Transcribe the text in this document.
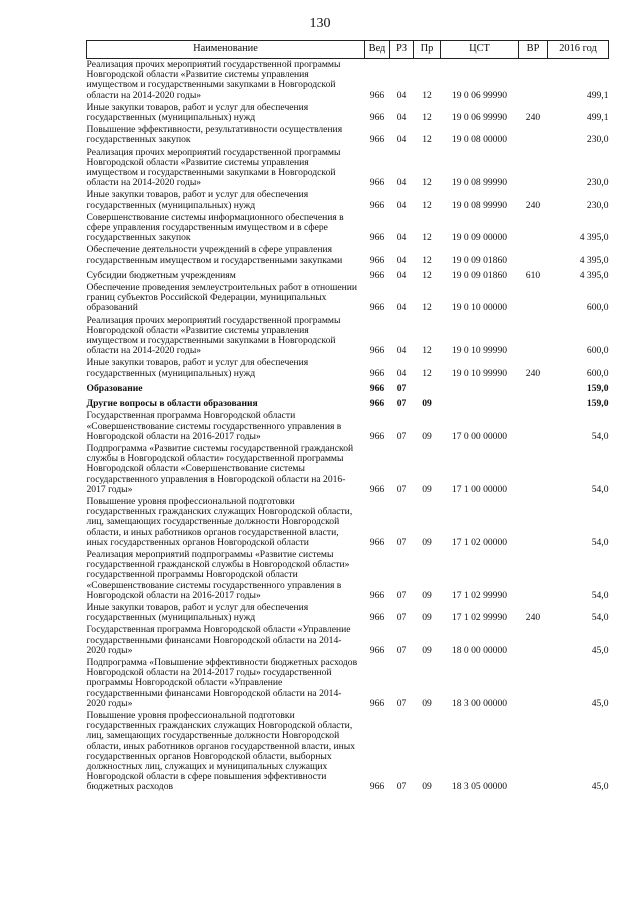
130
Наименование	Вед	РЗ	Пр	ЦСТ	ВР	2016 год
Реализация прочих мероприятий государственной программы Новгородской области «Развитие системы управления имуществом и государственными закупками в Новгородской области на 2014-2020 годы»	966	04	12	19 0 06 99990		499,1
Иные закупки товаров, работ и услуг для обеспечения государственных (муниципальных) нужд	966	04	12	19 0 06 99990	240	499,1
Повышение эффективности, результативности осуществления государственных закупок	966	04	12	19 0 08 00000		230,0
Реализация прочих мероприятий государственной программы Новгородской области «Развитие системы управления имуществом и государственными закупками в Новгородской области на 2014-2020 годы»	966	04	12	19 0 08 99990		230,0
Иные закупки товаров, работ и услуг для обеспечения государственных (муниципальных) нужд	966	04	12	19 0 08 99990	240	230,0
Совершенствование системы информационного обеспечения в сфере управления государственным имуществом и в сфере государственных закупок	966	04	12	19 0 09 00000		4 395,0
Обеспечение деятельности учреждений в сфере управления государственным имуществом и государственными закупками	966	04	12	19 0 09 01860		4 395,0
Субсидии бюджетным учреждениям	966	04	12	19 0 09 01860	610	4 395,0
Обеспечение проведения землеустроительных работ в отношении границ субъектов Российской Федерации, муниципальных образований	966	04	12	19 0 10 00000		600,0
Реализация прочих мероприятий государственной программы Новгородской области «Развитие системы управления имуществом и государственными закупками в Новгородской области на 2014-2020 годы»	966	04	12	19 0 10 99990		600,0
Иные закупки товаров, работ и услуг для обеспечения государственных (муниципальных) нужд	966	04	12	19 0 10 99990	240	600,0
Образование	966	07				159,0
Другие вопросы в области образования	966	07	09			159,0
Государственная программа Новгородской области «Совершенствование системы государственного управления в Новгородской области на 2016-2017 годы»	966	07	09	17 0 00 00000		54,0
Подпрограмма «Развитие системы государственной гражданской службы в Новгородской области» государственной программы Новгородской области «Совершенствование системы государственного управления в Новгородской области на 2016-2017 годы»	966	07	09	17 1 00 00000		54,0
Повышение уровня профессиональной подготовки государственных гражданских служащих Новгородской области, лиц, замещающих государственные должности Новгородской области, и иных работников органов государственной власти, иных государственных органов Новгородской области	966	07	09	17 1 02 00000		54,0
Реализация мероприятий подпрограммы «Развитие системы государственной гражданской службы в Новгородской области» государственной программы Новгородской области «Совершенствование системы государственного управления в Новгородской области на 2016-2017 годы»	966	07	09	17 1 02 99990		54,0
Иные закупки товаров, работ и услуг для обеспечения государственных (муниципальных) нужд	966	07	09	17 1 02 99990	240	54,0
Государственная программа Новгородской области «Управление государственными финансами Новгородской области на 2014-2020 годы»	966	07	09	18 0 00 00000		45,0
Подпрограмма «Повышение эффективности бюджетных расходов Новгородской области на 2014-2017 годы» государственной программы Новгородской области «Управление государственными финансами Новгородской области на 2014-2020 годы»	966	07	09	18 3 00 00000		45,0
Повышение уровня профессиональной подготовки государственных гражданских служащих Новгородской области, лиц, замещающих государственные должности Новгородской области, иных работников органов государственной власти, иных государственных органов Новгородской области, выборных должностных лиц, служащих и муниципальных служащих Новгородской области в сфере повышения эффективности бюджетных расходов	966	07	09	18 3 05 00000		45,0
